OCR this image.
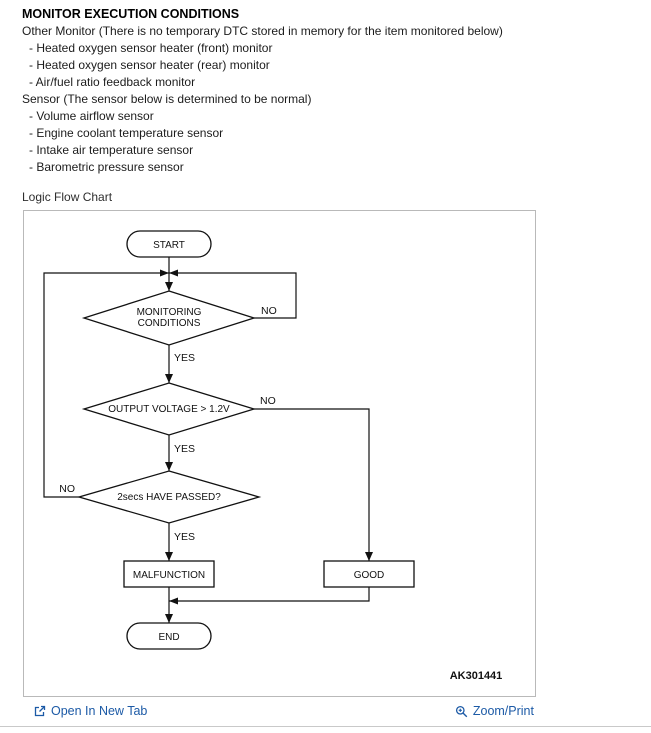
MONITOR EXECUTION CONDITIONS
Other Monitor (There is no temporary DTC stored in memory for the item monitored below)
- Heated oxygen sensor heater (front) monitor
- Heated oxygen sensor heater (rear) monitor
- Air/fuel ratio feedback monitor
Sensor (The sensor below is determined to be normal)
- Volume airflow sensor
- Engine coolant temperature sensor
- Intake air temperature sensor
- Barometric pressure sensor
Logic Flow Chart
START
MONITORING
CONDITIONS
OUTPUT VOLTAGE > 1.2V
2secs HAVE PASSED?
MALFUNCTION	GOOD
END
NO
YES
NO
YES
NO
YES
AK301441
Open In New Tab	Zoom/Print
